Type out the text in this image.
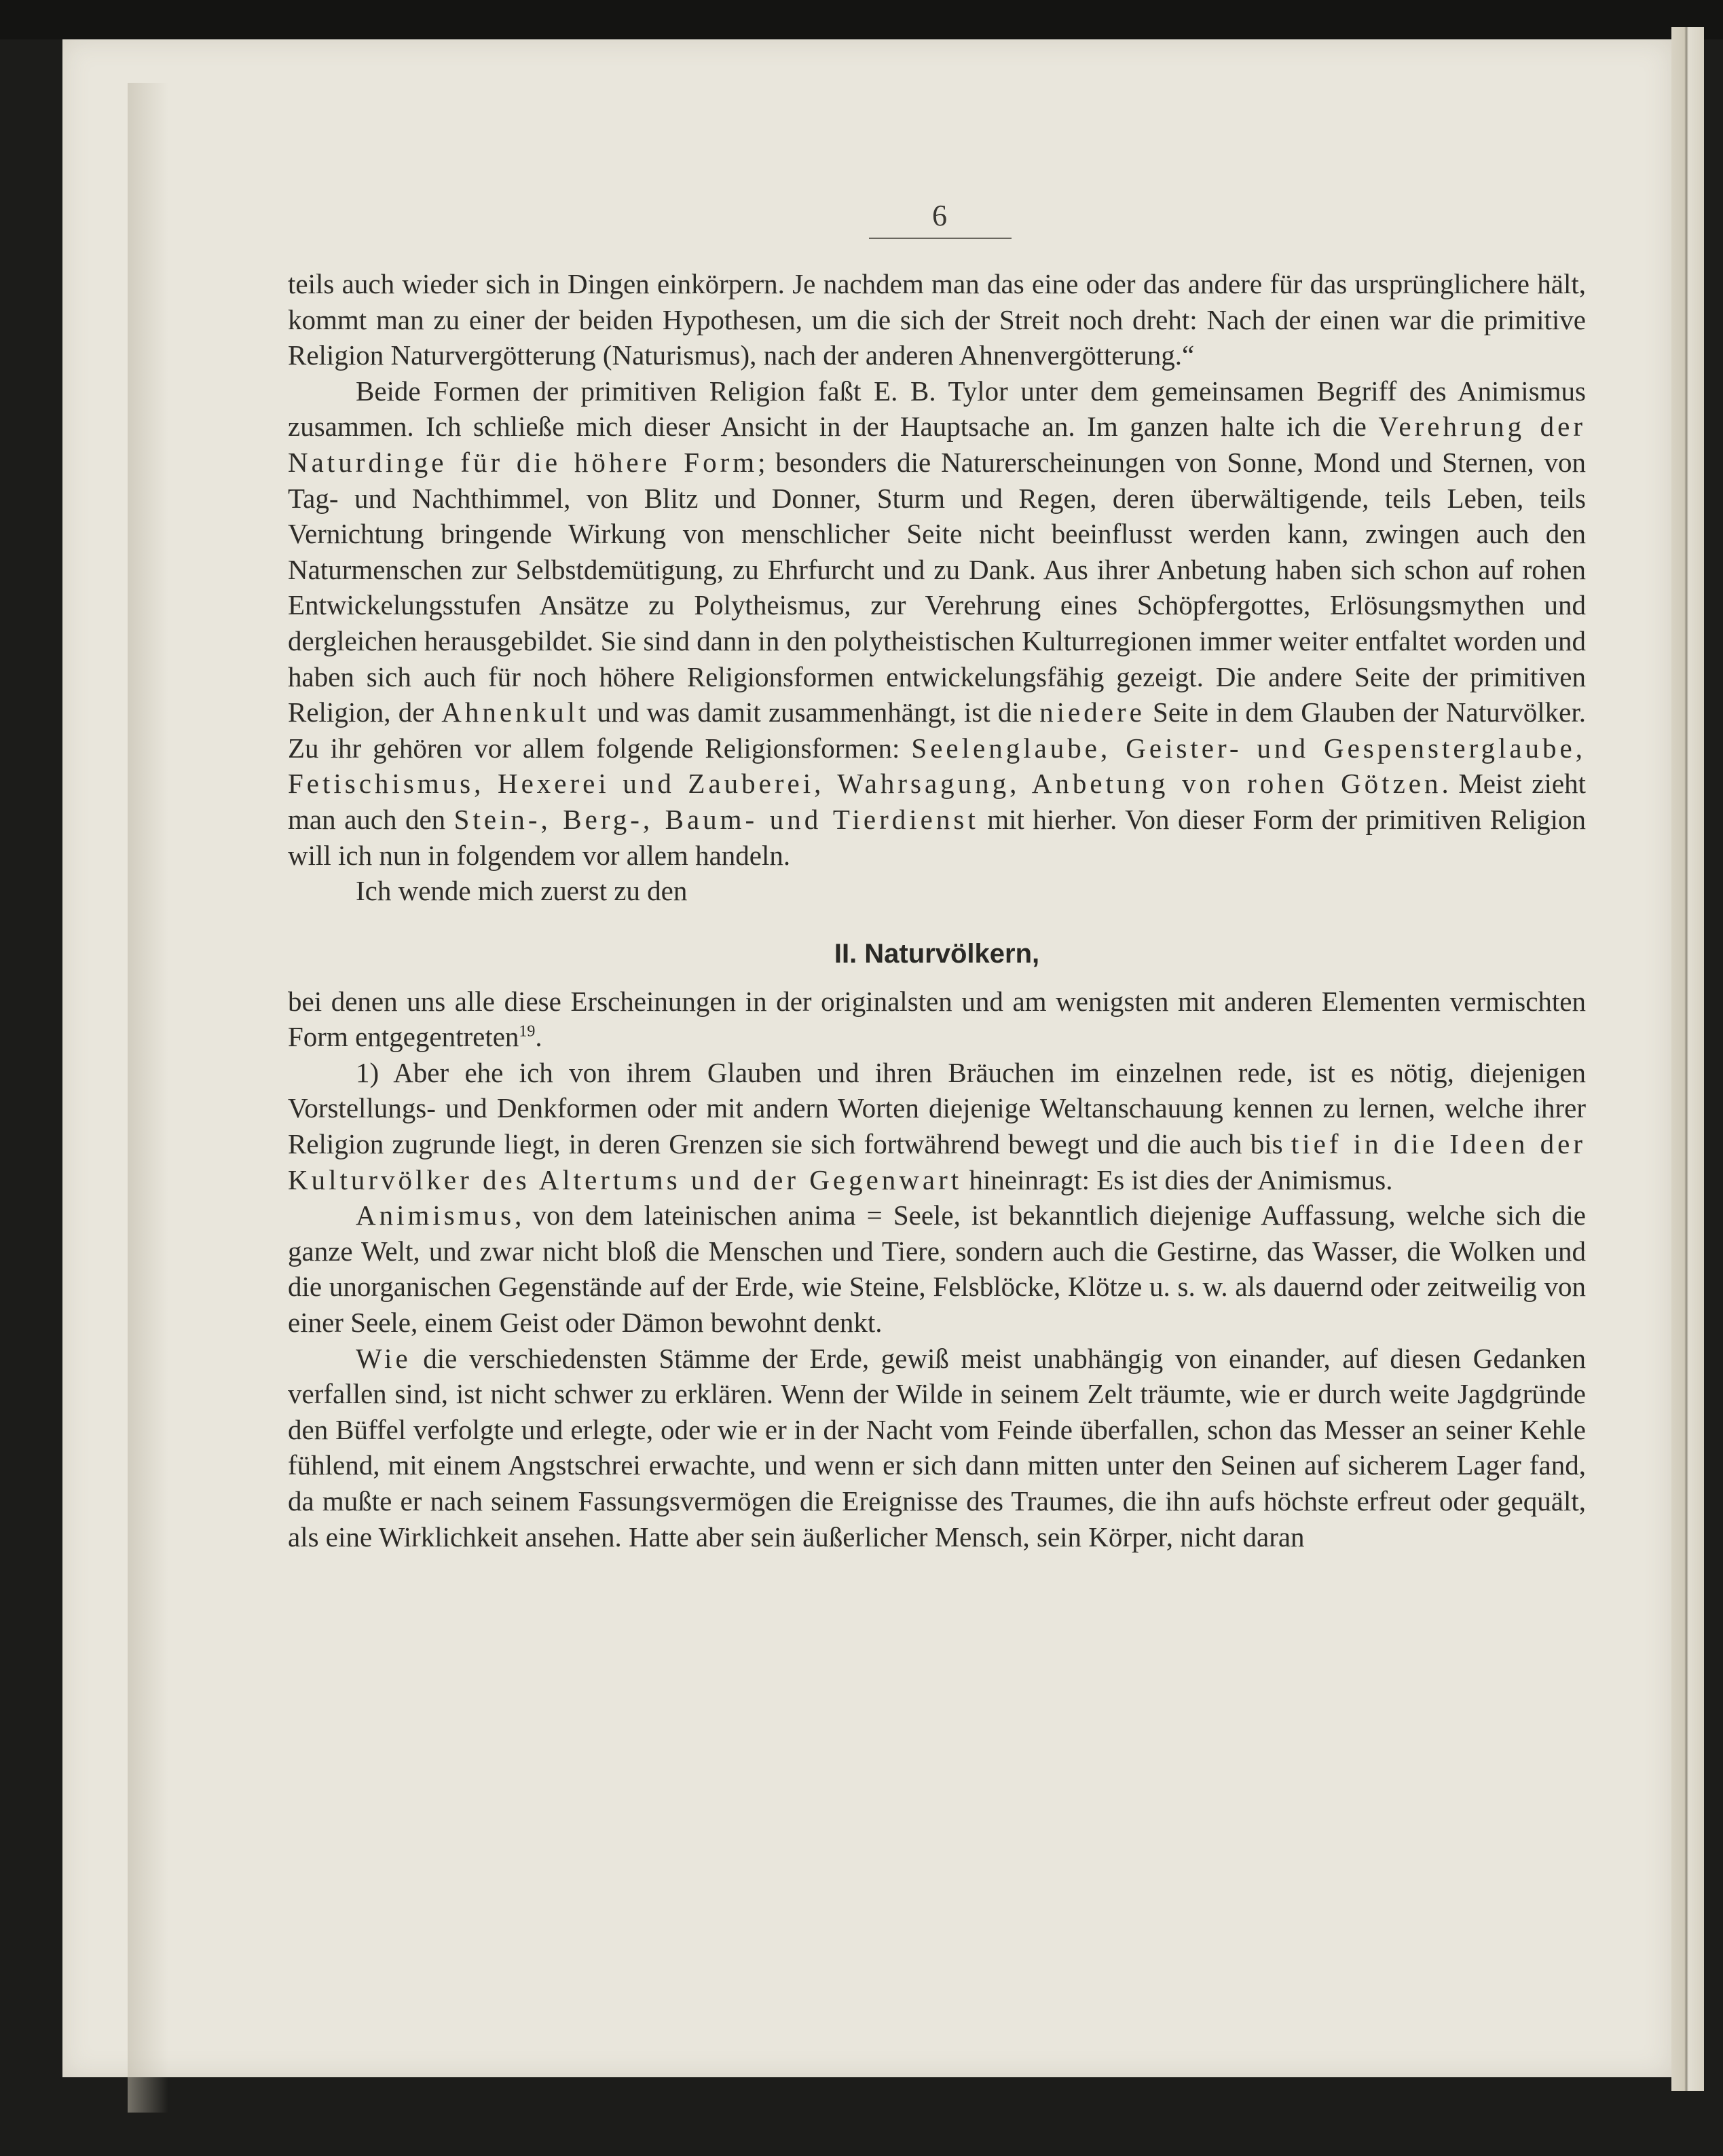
6

teils auch wieder sich in Dingen einkörpern. Je nachdem man das eine oder das andere für das ursprünglichere hält, kommt man zu einer der beiden Hypothesen, um die sich der Streit noch dreht: Nach der einen war die primitive Religion Naturvergötterung (Naturismus), nach der anderen Ahnenvergötterung.“

Beide Formen der primitiven Religion faßt E. B. Tylor unter dem gemeinsamen Begriff des Animismus zusammen. Ich schließe mich dieser Ansicht in der Hauptsache an. Im ganzen halte ich die Verehrung der Naturdinge für die höhere Form; besonders die Naturerscheinungen von Sonne, Mond und Sternen, von Tag- und Nachthimmel, von Blitz und Donner, Sturm und Regen, deren überwältigende, teils Leben, teils Vernichtung bringende Wirkung von menschlicher Seite nicht beeinflusst werden kann, zwingen auch den Naturmenschen zur Selbstdemütigung, zu Ehrfurcht und zu Dank. Aus ihrer Anbetung haben sich schon auf rohen Entwickelungsstufen Ansätze zu Polytheismus, zur Verehrung eines Schöpfergottes, Erlösungsmythen und dergleichen herausgebildet. Sie sind dann in den polytheistischen Kulturregionen immer weiter entfaltet worden und haben sich auch für noch höhere Religionsformen entwickelungsfähig gezeigt. Die andere Seite der primitiven Religion, der Ahnenkult und was damit zusammenhängt, ist die niedere Seite in dem Glauben der Naturvölker. Zu ihr gehören vor allem folgende Religionsformen: Seelenglaube, Geister- und Gespensterglaube, Fetischismus, Hexerei und Zauberei, Wahrsagung, Anbetung von rohen Götzen. Meist zieht man auch den Stein-, Berg-, Baum- und Tierdienst mit hierher. Von dieser Form der primitiven Religion will ich nun in folgendem vor allem handeln.

Ich wende mich zuerst zu den

II. Naturvölkern,

bei denen uns alle diese Erscheinungen in der originalsten und am wenigsten mit anderen Elementen vermischten Form entgegentreten$^{19}$.

1) Aber ehe ich von ihrem Glauben und ihren Bräuchen im einzelnen rede, ist es nötig, diejenigen Vorstellungs- und Denkformen oder mit andern Worten diejenige Weltanschauung kennen zu lernen, welche ihrer Religion zugrunde liegt, in deren Grenzen sie sich fortwährend bewegt und die auch bis tief in die Ideen der Kulturvölker des Altertums und der Gegenwart hineinragt: Es ist dies der Animismus.

Animismus, von dem lateinischen anima = Seele, ist bekanntlich diejenige Auffassung, welche sich die ganze Welt, und zwar nicht bloß die Menschen und Tiere, sondern auch die Gestirne, das Wasser, die Wolken und die unorganischen Gegenstände auf der Erde, wie Steine, Felsblöcke, Klötze u. s. w. als dauernd oder zeitweilig von einer Seele, einem Geist oder Dämon bewohnt denkt.

Wie die verschiedensten Stämme der Erde, gewiß meist unabhängig von einander, auf diesen Gedanken verfallen sind, ist nicht schwer zu erklären. Wenn der Wilde in seinem Zelt träumte, wie er durch weite Jagdgründe den Büffel verfolgte und erlegte, oder wie er in der Nacht vom Feinde überfallen, schon das Messer an seiner Kehle fühlend, mit einem Angstschrei erwachte, und wenn er sich dann mitten unter den Seinen auf sicherem Lager fand, da mußte er nach seinem Fassungsvermögen die Ereignisse des Traumes, die ihn aufs höchste erfreut oder gequält, als eine Wirklichkeit ansehen. Hatte aber sein äußerlicher Mensch, sein Körper, nicht daran
